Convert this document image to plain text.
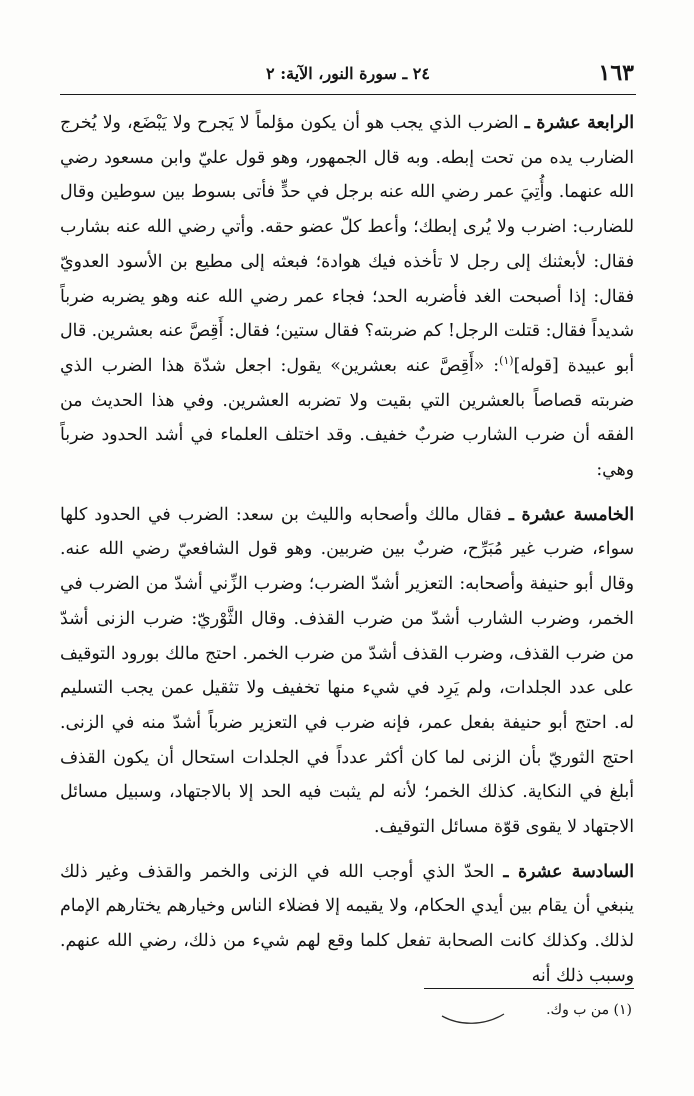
١٦٣
٢٤ ـ سورة النور، الآية: ٢

الرابعة عشرة ـ الضرب الذي يجب هو أن يكون مؤلماً لا يَجرح ولا يَبْضَع، ولا يُخرج الضارب يده من تحت إبطه. وبه قال الجمهور، وهو قول عليّ وابن مسعود رضي الله عنهما. وأُتِيَ عمر رضي الله عنه برجل في حدٍّ فأتى بسوط بين سوطين وقال للضارب: اضرب ولا يُرى إبطك؛ وأعط كلّ عضو حقه. وأتي رضي الله عنه بشارب فقال: لأبعثنك إلى رجل لا تأخذه فيك هوادة؛ فبعثه إلى مطيع بن الأسود العدويّ فقال: إذا أصبحت الغد فأضربه الحد؛ فجاء عمر رضي الله عنه وهو يضربه ضرباً شديداً فقال: قتلت الرجل! كم ضربته؟ فقال ستين؛ فقال: أَقِصَّ عنه بعشرين. قال أبو عبيدة [قوله]$^{(١)}$: «أَقِصَّ عنه بعشرين» يقول: اجعل شدّة هذا الضرب الذي ضربته قصاصاً بالعشرين التي بقيت ولا تضربه العشرين. وفي هذا الحديث من الفقه أن ضرب الشارب ضربٌ خفيف. وقد اختلف العلماء في أشد الحدود ضرباً وهي:

الخامسة عشرة ـ فقال مالك وأصحابه والليث بن سعد: الضرب في الحدود كلها سواء، ضرب غير مُبَرِّح، ضربٌ بين ضربين. وهو قول الشافعيّ رضي الله عنه. وقال أبو حنيفة وأصحابه: التعزير أشدّ الضرب؛ وضرب الزِّني أشدّ من الضرب في الخمر، وضرب الشارب أشدّ من ضرب القذف. وقال الثَّوْريّ: ضرب الزنى أشدّ من ضرب القذف، وضرب القذف أشدّ من ضرب الخمر. احتج مالك بورود التوقيف على عدد الجلدات، ولم يَرِد في شيء منها تخفيف ولا تثقيل عمن يجب التسليم له. احتج أبو حنيفة بفعل عمر، فإنه ضرب في التعزير ضرباً أشدّ منه في الزنى. احتج الثوريّ بأن الزنى لما كان أكثر عدداً في الجلدات استحال أن يكون القذف أبلغ في النكاية. كذلك الخمر؛ لأنه لم يثبت فيه الحد إلا بالاجتهاد، وسبيل مسائل الاجتهاد لا يقوى قوّة مسائل التوقيف.

السادسة عشرة ـ الحدّ الذي أوجب الله في الزنى والخمر والقذف وغير ذلك ينبغي أن يقام بين أيدي الحكام، ولا يقيمه إلا فضلاء الناس وخيارهم يختارهم الإمام لذلك. وكذلك كانت الصحابة تفعل كلما وقع لهم شيء من ذلك، رضي الله عنهم. وسبب ذلك أنه

(١) من ب وك.
